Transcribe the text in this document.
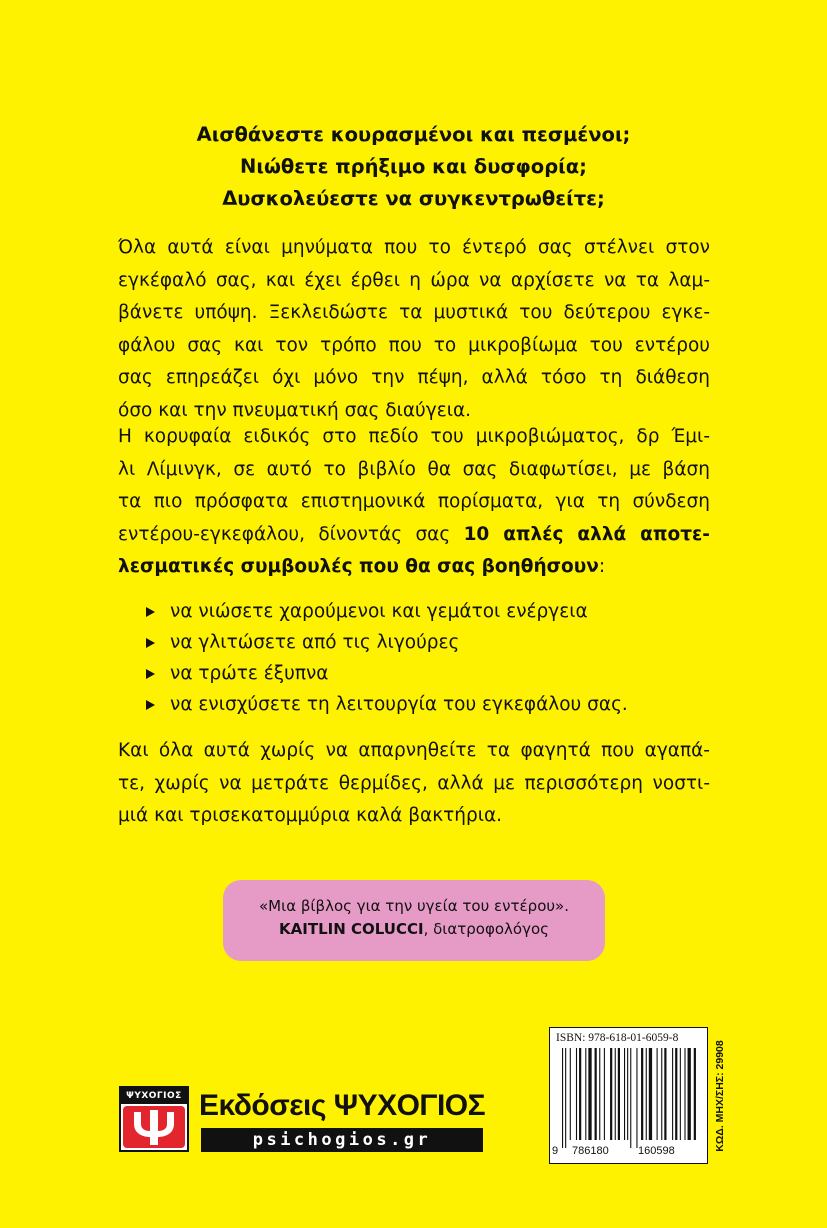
Αισθάνεστε κουρασμένοι και πεσμένοι;
Νιώθετε πρήξιμο και δυσφορία;
Δυσκολεύεστε να συγκεντρωθείτε;
Όλα αυτά είναι μηνύματα που το έντερό σας στέλνει στον
εγκέφαλό σας, και έχει έρθει η ώρα να αρχίσετε να τα λαμ-
βάνετε υπόψη. Ξεκλειδώστε τα μυστικά του δεύτερου εγκε-
φάλου σας και τον τρόπο που το μικροβίωμα του εντέρου
σας επηρεάζει όχι μόνο την πέψη, αλλά τόσο τη διάθεση
όσο και την πνευματική σας διαύγεια.
Η κορυφαία ειδικός στο πεδίο του μικροβιώματος, δρ Έμι-
λι Λίμινγκ, σε αυτό το βιβλίο θα σας διαφωτίσει, με βάση
τα πιο πρόσφατα επιστημονικά πορίσματα, για τη σύνδεση
εντέρου-εγκεφάλου, δίνοντάς σας 10 απλές αλλά αποτε-
λεσματικές συμβουλές που θα σας βοηθήσουν:
να νιώσετε χαρούμενοι και γεμάτοι ενέργεια
να γλιτώσετε από τις λιγούρες
να τρώτε έξυπνα
να ενισχύσετε τη λειτουργία του εγκεφάλου σας.
Και όλα αυτά χωρίς να απαρνηθείτε τα φαγητά που αγαπά-
τε, χωρίς να μετράτε θερμίδες, αλλά με περισσότερη νοστι-
μιά και τρισεκατομμύρια καλά βακτήρια.
«Μια βίβλος για την υγεία του εντέρου».
KAITLIN COLUCCI, διατροφολόγος
ΨΥΧΟΓΙΟΣ Εκδόσεις ΨΥΧΟΓΙΟΣ
psichogios.gr
ISBN: 978-618-01-6059-8
9 786180	160598	ΚΩΔ. ΜΗΧ/ΣΗΣ: 29908
